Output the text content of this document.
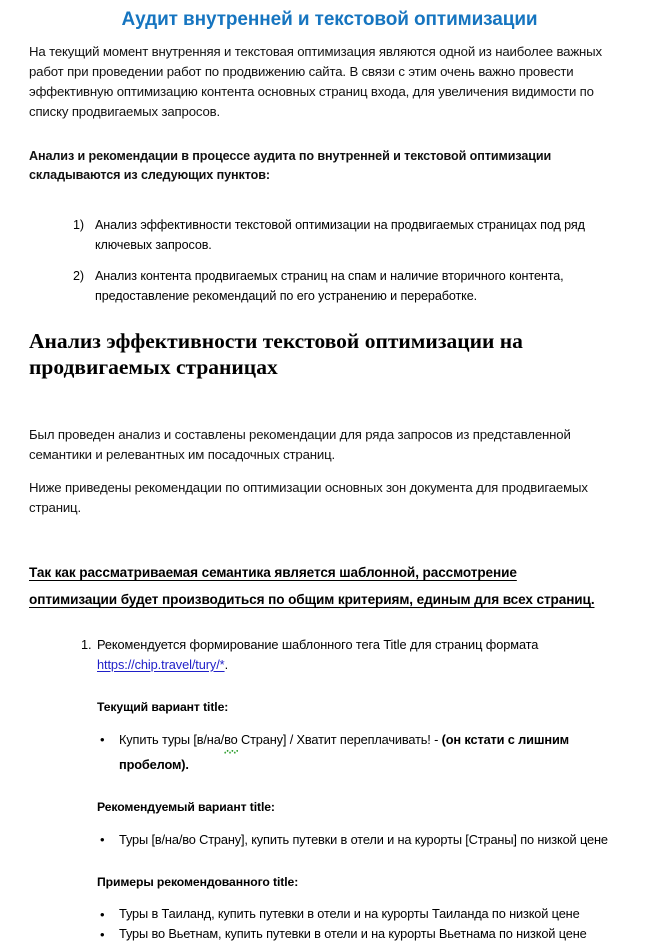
Аудит внутренней и текстовой оптимизации

На текущий момент внутренняя и текстовая оптимизация являются одной из наиболее важных работ при проведении работ по продвижению сайта. В связи с этим очень важно провести эффективную оптимизацию контента основных страниц входа, для увеличения видимости по списку продвигаемых запросов.

Анализ и рекомендации в процессе аудита по внутренней и текстовой оптимизации складываются из следующих пунктов:

1) Анализ эффективности текстовой оптимизации на продвигаемых страницах под ряд ключевых запросов.
2) Анализ контента продвигаемых страниц на спам и наличие вторичного контента, предоставление рекомендаций по его устранению и переработке.
Анализ эффективности текстовой оптимизации на продвигаемых страницах

Был проведен анализ и составлены рекомендации для ряда запросов из представленной семантики и релевантных им посадочных страниц.

Ниже приведены рекомендации по оптимизации основных зон документа для продвигаемых страниц.

Так как рассматриваемая семантика является шаблонной, рассмотрение
оптимизации будет производиться по общим критериям, единым для всех страниц.

1. Рекомендуется формирование шаблонного тега Title для страниц формата
https://chip.travel/tury/*.

Текущий вариант title:

• Купить туры [в/на/во Страну] / Хватит переплачивать! - (он кстати с лишним пробелом).

Рекомендуемый вариант title:

• Туры [в/на/во Страну], купить путевки в отели и на курорты [Страны] по низкой цене

Примеры рекомендованного title:

• Туры в Таиланд, купить путевки в отели и на курорты Таиланда по низкой цене
• Туры во Вьетнам, купить путевки в отели и на курорты Вьетнама по низкой цене
